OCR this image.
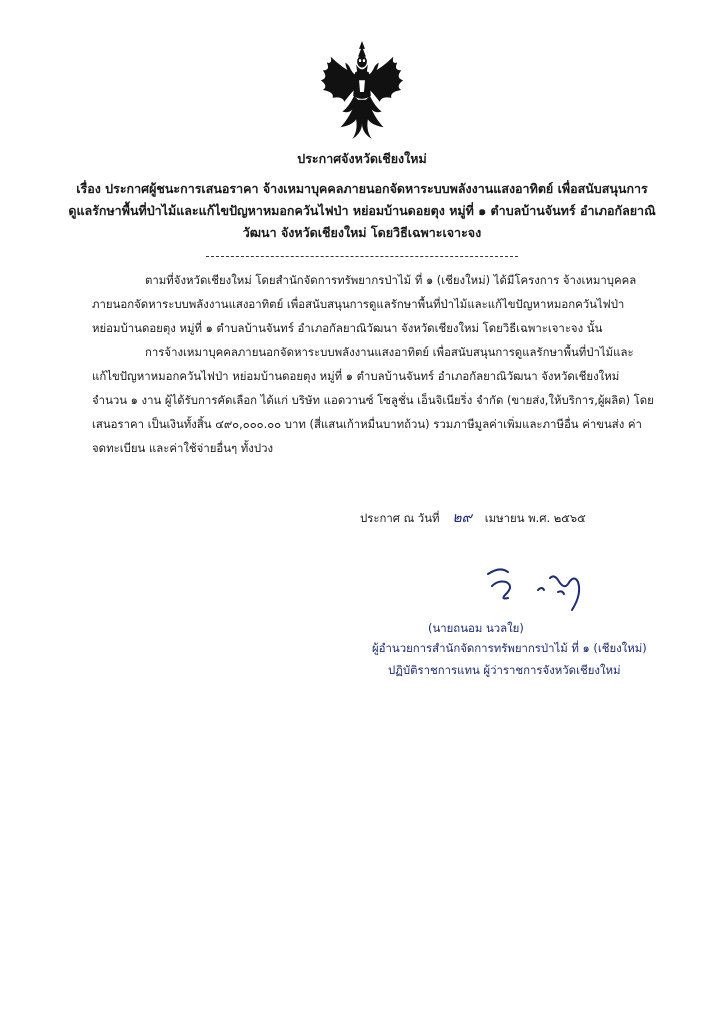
ประกาศจังหวัดเชียงใหม่
เรื่อง ประกาศผู้ชนะการเสนอราคา จ้างเหมาบุคคลภายนอกจัดหาระบบพลังงานแสงอาทิตย์ เพื่อสนับสนุนการ
ดูแลรักษาพื้นที่ป่าไม้และแก้ไขปัญหาหมอกควันไฟป่า หย่อมบ้านดอยตุง หมู่ที่ ๑ ตำบลบ้านจันทร์ อำเภอกัลยาณิ
วัฒนา จังหวัดเชียงใหม่ โดยวิธีเฉพาะเจาะจง
ตามที่จังหวัดเชียงใหม่ โดยสำนักจัดการทรัพยากรป่าไม้ ที่ ๑ (เชียงใหม่) ได้มีโครงการ จ้างเหมาบุคคล
ภายนอกจัดหาระบบพลังงานแสงอาทิตย์ เพื่อสนับสนุนการดูแลรักษาพื้นที่ป่าไม้และแก้ไขปัญหาหมอกควันไฟป่า
หย่อมบ้านดอยตุง หมู่ที่ ๑ ตำบลบ้านจันทร์ อำเภอกัลยาณิวัฒนา จังหวัดเชียงใหม่ โดยวิธีเฉพาะเจาะจง นั้น
การจ้างเหมาบุคคลภายนอกจัดหาระบบพลังงานแสงอาทิตย์ เพื่อสนับสนุนการดูแลรักษาพื้นที่ป่าไม้และ
แก้ไขปัญหาหมอกควันไฟป่า หย่อมบ้านดอยตุง หมู่ที่ ๑ ตำบลบ้านจันทร์ อำเภอกัลยาณิวัฒนา จังหวัดเชียงใหม่
จำนวน ๑ งาน ผู้ได้รับการคัดเลือก ได้แก่ บริษัท แอดวานซ์ โซลูชั่น เอ็นจิเนียริ่ง จำกัด (ขายส่ง,ให้บริการ,ผู้ผลิต) โดย
เสนอราคา เป็นเงินทั้งสิ้น ๔๙๐,๐๐๐.๐๐ บาท (สี่แสนเก้าหมื่นบาทถ้วน) รวมภาษีมูลค่าเพิ่มและภาษีอื่น ค่าขนส่ง ค่า
จดทะเบียน และค่าใช้จ่ายอื่นๆ ทั้งปวง
ประกาศ ณ วันที่ ๒๙ เมษายน พ.ศ. ๒๕๖๕
(นายถนอม นวลใย)
ผู้อำนวยการสำนักจัดการทรัพยากรป่าไม้ ที่ ๑ (เชียงใหม่)
ปฏิบัติราชการแทน ผู้ว่าราชการจังหวัดเชียงใหม่
